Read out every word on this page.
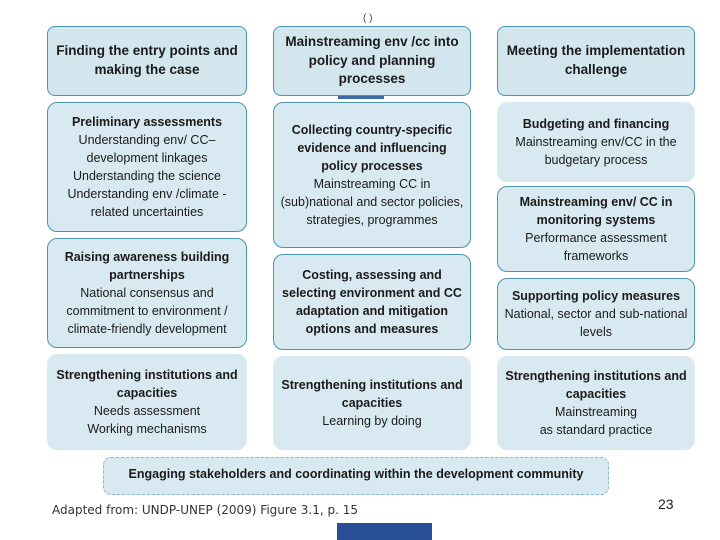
( )
Finding the entry points and making the case
Mainstreaming env /cc into policy and planning processes
Meeting the implementation challenge
Preliminary assessments
Understanding env/ CC– development linkages
Understanding the science
Understanding env /climate -related uncertainties
Raising awareness building partnerships
National consensus and commitment to environment / climate-friendly development
Strengthening institutions and capacities
Needs assessment
Working mechanisms
Collecting country-specific evidence and influencing policy processes
Mainstreaming CC in (sub)national and sector policies, strategies, programmes
Costing, assessing and selecting environment and CC adaptation and mitigation options and measures
Strengthening institutions and capacities
Learning by doing
Budgeting and financing
Mainstreaming env/CC in the budgetary process
Mainstreaming env/ CC in monitoring systems
Performance assessment frameworks
Supporting policy measures
National, sector and sub-national levels
Strengthening institutions and capacities
Mainstreaming
as standard practice
Engaging stakeholders and coordinating within the development community
Adapted from: UNDP-UNEP (2009) Figure 3.1, p. 15	23
